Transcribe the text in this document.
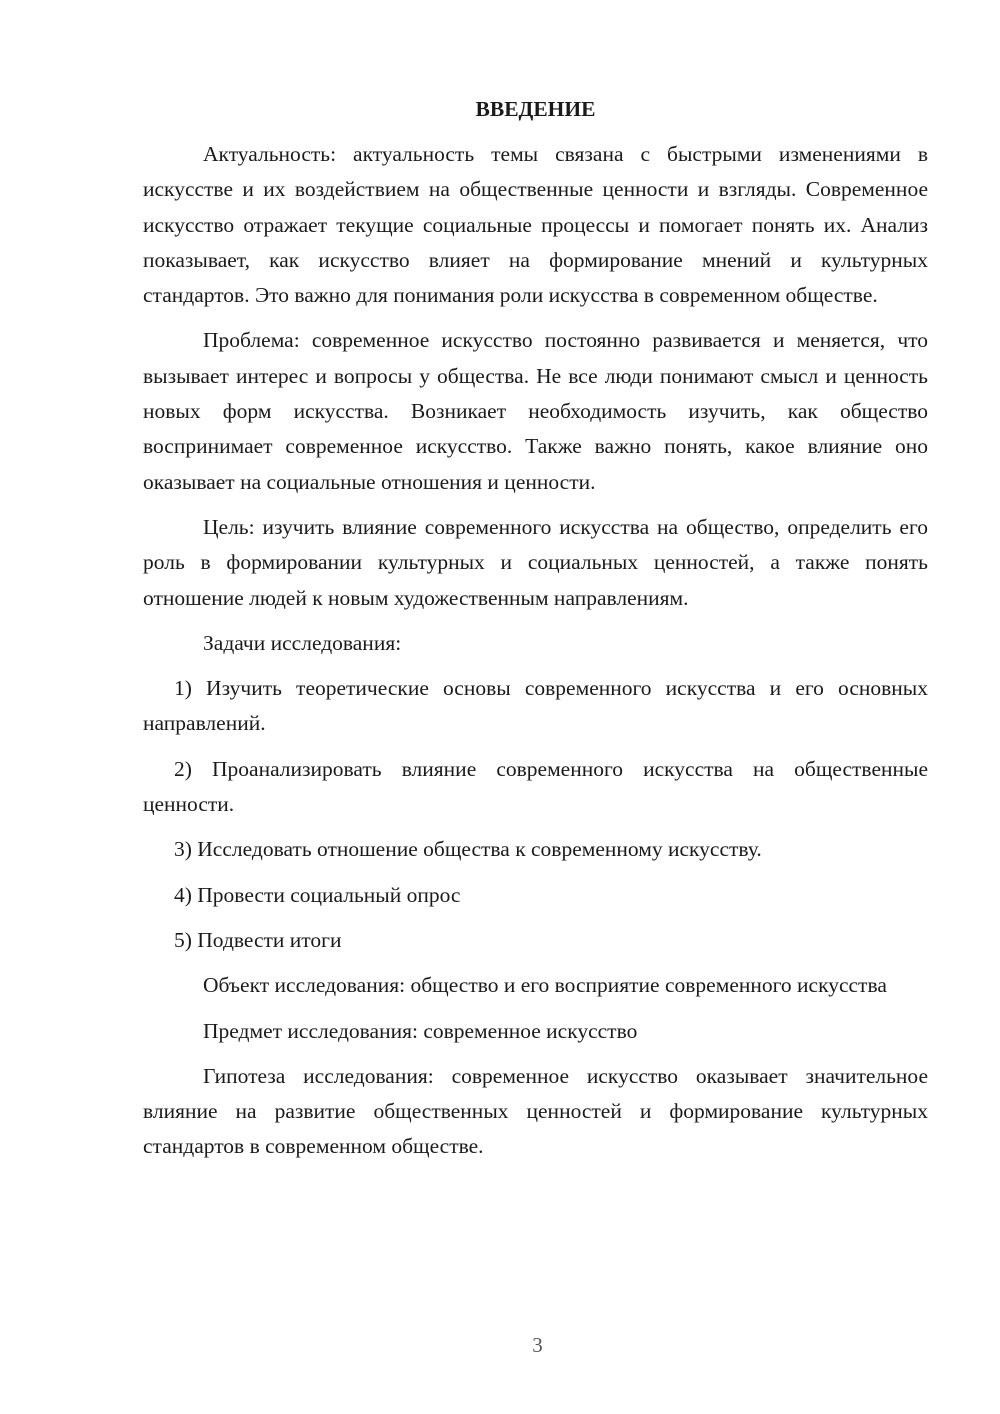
ВВЕДЕНИЕ

Актуальность: актуальность темы связана с быстрыми изменениями в искусстве и их воздействием на общественные ценности и взгляды. Современное искусство отражает текущие социальные процессы и помогает понять их. Анализ показывает, как искусство влияет на формирование мнений и культурных стандартов. Это важно для понимания роли искусства в современном обществе.

Проблема: современное искусство постоянно развивается и меняется, что вызывает интерес и вопросы у общества. Не все люди понимают смысл и ценность новых форм искусства. Возникает необходимость изучить, как общество воспринимает современное искусство. Также важно понять, какое влияние оно оказывает на социальные отношения и ценности.

Цель: изучить влияние современного искусства на общество, определить его роль в формировании культурных и социальных ценностей, а также понять отношение людей к новым художественным направлениям.

Задачи исследования:

1) Изучить теоретические основы современного искусства и его основных направлений.

2) Проанализировать влияние современного искусства на общественные ценности.

3) Исследовать отношение общества к современному искусству.

4) Провести социальный опрос

5) Подвести итоги

Объект исследования: общество и его восприятие современного искусства

Предмет исследования: современное искусство

Гипотеза исследования: современное искусство оказывает значительное влияние на развитие общественных ценностей и формирование культурных стандартов в современном обществе.

3
